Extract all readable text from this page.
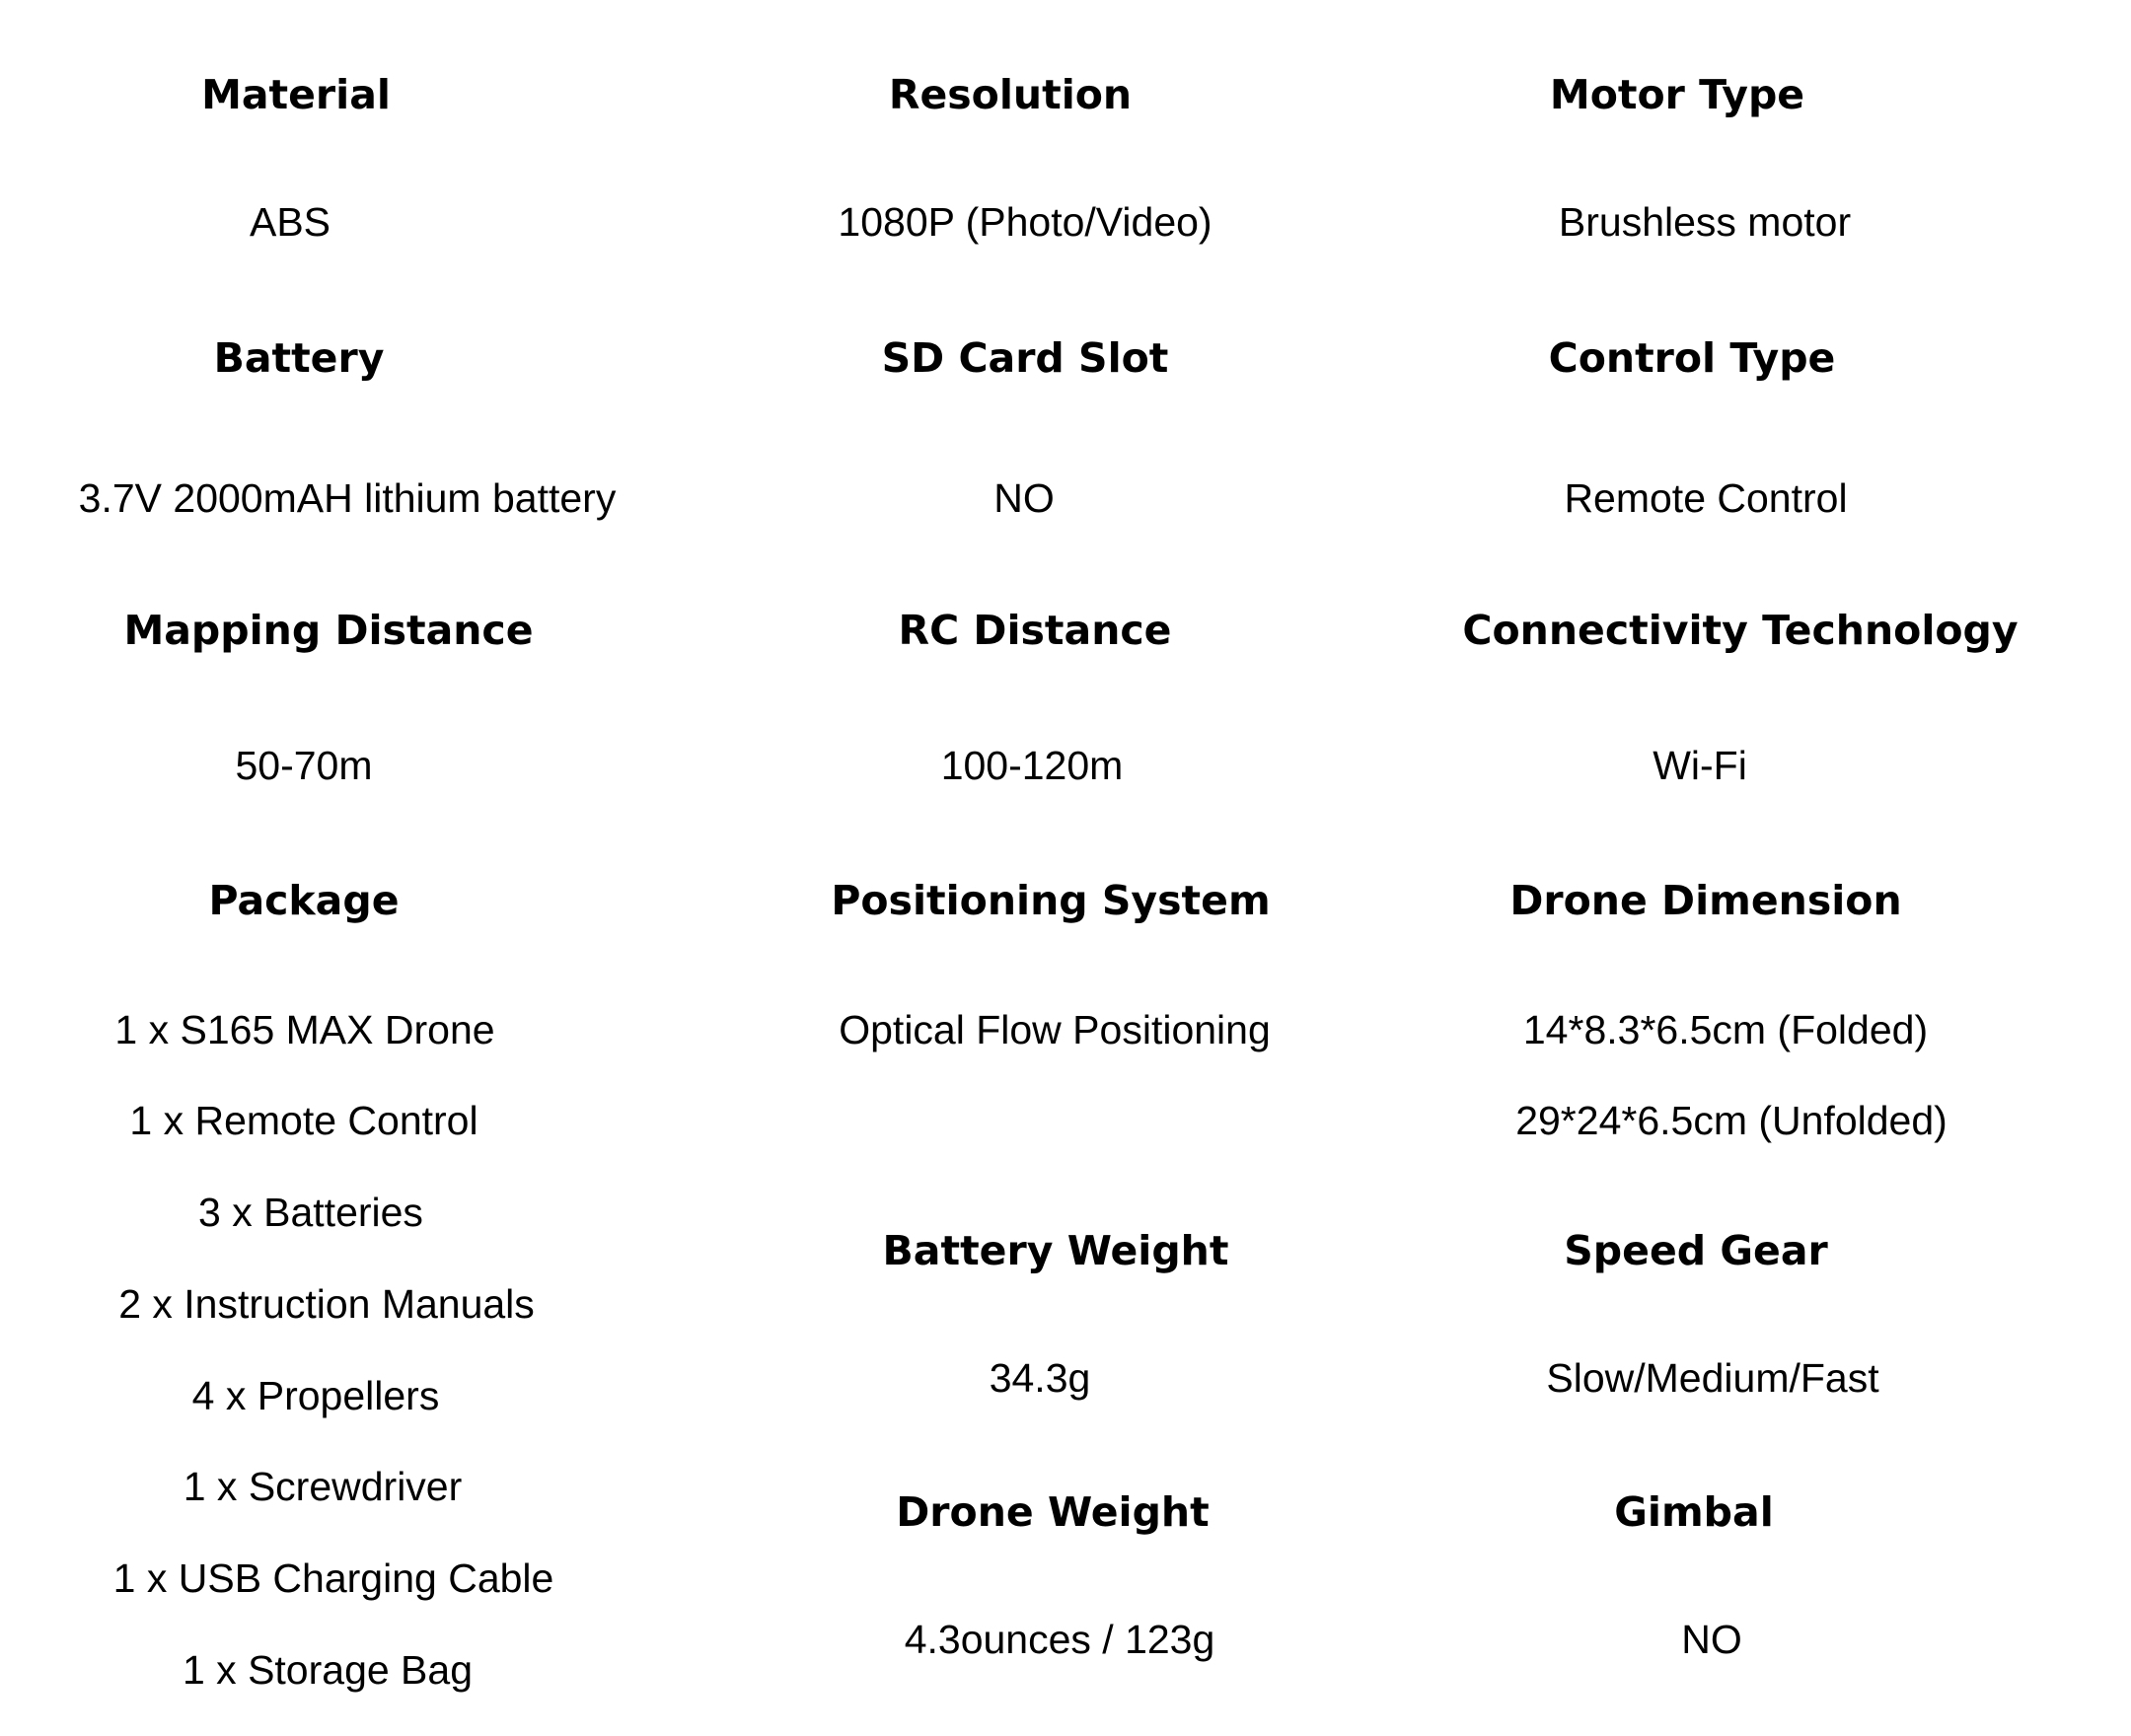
Material
ABS
Battery
3.7V 2000mAH lithium battery
Mapping Distance
50-70m
Package
1 x S165 MAX Drone
1 x Remote Control
3 x Batteries
2 x Instruction Manuals
4 x Propellers
1 x Screwdriver
1 x USB Charging Cable
1 x Storage Bag
Resolution
1080P (Photo/Video)
SD Card Slot
NO
RC Distance
100-120m
Positioning System
Optical Flow Positioning
Battery Weight
34.3g
Drone Weight
4.3ounces / 123g
Motor Type
Brushless motor
Control Type
Remote Control
Connectivity Technology
Wi-Fi
Drone Dimension
14*8.3*6.5cm (Folded)
29*24*6.5cm (Unfolded)
Speed Gear
Slow/Medium/Fast
Gimbal
NO
